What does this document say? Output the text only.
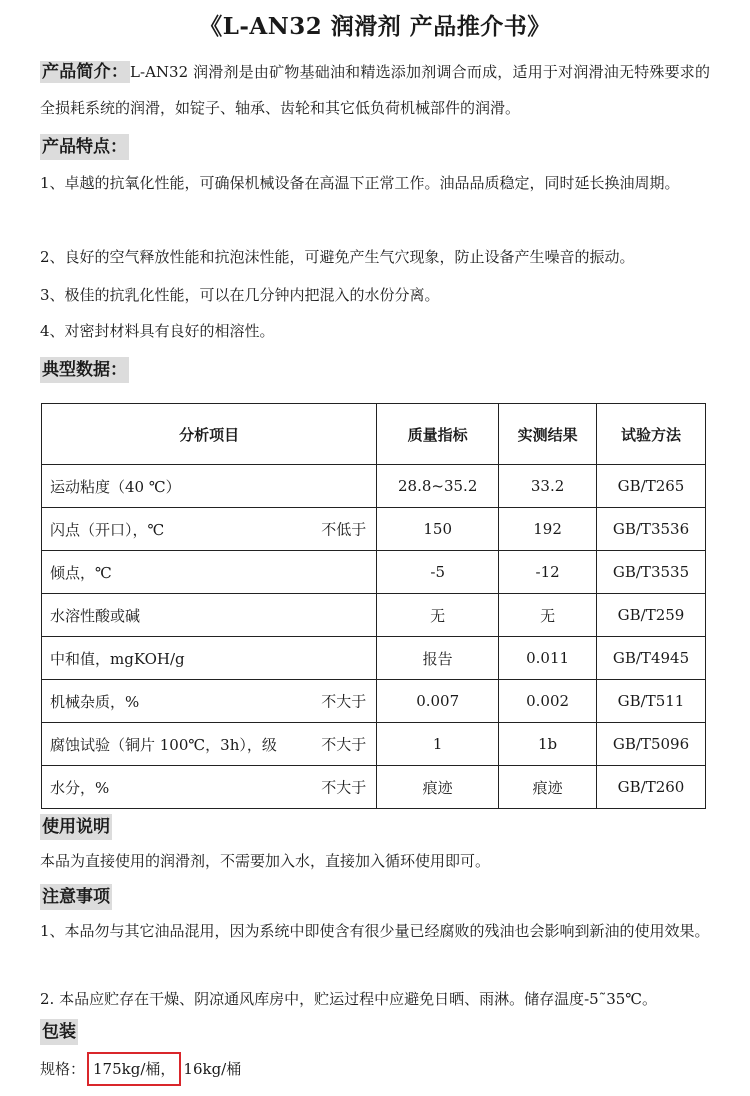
《L-AN32 润滑剂 产品推介书》
产品简介： L-AN32 润滑剂是由矿物基础油和精选添加剂调合而成，适用于对润滑油无特殊要求的全损耗系统的润滑，如锭子、轴承、齿轮和其它低负荷机械部件的润滑。
产品特点：
1、卓越的抗氧化性能，可确保机械设备在高温下正常工作。油品品质稳定，同时延长换油周期。
2、良好的空气释放性能和抗泡沫性能，可避免产生气穴现象，防止设备产生噪音的振动。
3、极佳的抗乳化性能，可以在几分钟内把混入的水份分离。
4、对密封材料具有良好的相溶性。
典型数据：
分析项目	质量指标	实测结果	试验方法
运动粘度（40 ℃）	28.8~35.2	33.2	GB/T265
闪点（开口），℃ 不低于	150	192	GB/T3536
倾点，℃	-5	-12	GB/T3535
水溶性酸或碱	无	无	GB/T259
中和值，mgKOH/g	报告	0.011	GB/T4945
机械杂质，% 不大于	0.007	0.002	GB/T511
腐蚀试验（铜片 100℃，3h），级 不大于	1	1b	GB/T5096
水分，% 不大于	痕迹	痕迹	GB/T260
使用说明
本品为直接使用的润滑剂，不需要加入水，直接加入循环使用即可。
注意事项
1、本品勿与其它油品混用，因为系统中即使含有很少量已经腐败的残油也会影响到新油的使用效果。
2. 本品应贮存在干燥、阴凉通风库房中，贮运过程中应避免日晒、雨淋。储存温度-5˜35℃。
包装
规格： 175kg/桶， 16kg/桶
